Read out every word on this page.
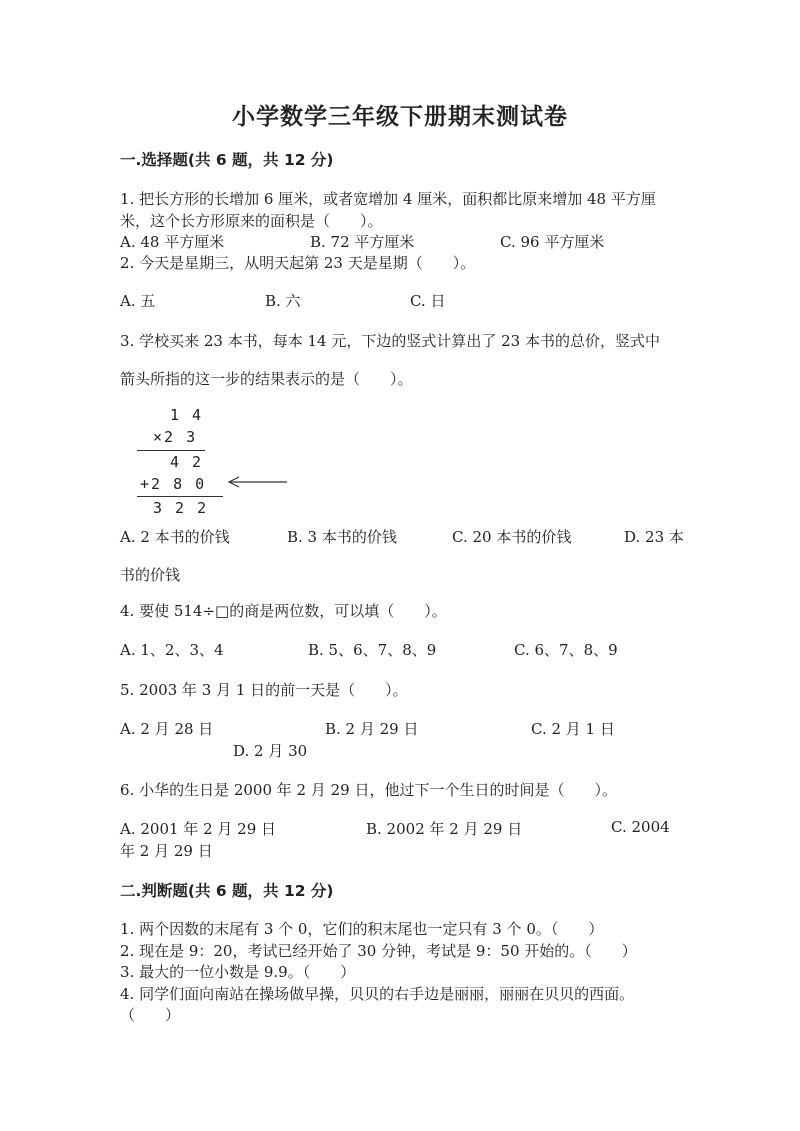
小学数学三年级下册期末测试卷
一.选择题(共 6 题，共 12 分)
1. 把长方形的长增加 6 厘米，或者宽增加 4 厘米，面积都比原来增加 48 平方厘
米，这个长方形原来的面积是（　　）。
A. 48 平方厘米	B. 72 平方厘米	C. 96 平方厘米
2. 今天是星期三，从明天起第 23 天是星期（　　）。
A. 五	B. 六	C. 日
3. 学校买来 23 本书，每本 14 元，下边的竖式计算出了 23 本书的总价，竖式中
箭头所指的这一步的结果表示的是（　　）。
1 4
×2 3
4 2
+2 8 0
3 2 2
A. 2 本书的价钱	B. 3 本书的价钱	C. 20 本书的价钱	D. 23 本
书的价钱
4. 要使 514÷□的商是两位数，可以填（　　）。
A. 1、2、3、4	B. 5、6、7、8、9	C. 6、7、8、9
5. 2003 年 3 月 1 日的前一天是（　　）。
A. 2 月 28 日	B. 2 月 29 日	C. 2 月 1 日
D. 2 月 30
6. 小华的生日是 2000 年 2 月 29 日，他过下一个生日的时间是（　　）。
A. 2001 年 2 月 29 日	B. 2002 年 2 月 29 日	C. 2004
年 2 月 29 日
二.判断题(共 6 题，共 12 分)
1. 两个因数的末尾有 3 个 0，它们的积末尾也一定只有 3 个 0。（　　）
2. 现在是 9：20，考试已经开始了 30 分钟，考试是 9：50 开始的。（　　）
3. 最大的一位小数是 9.9。（　　）
4. 同学们面向南站在操场做早操，贝贝的右手边是丽丽，丽丽在贝贝的西面。
（　　）
